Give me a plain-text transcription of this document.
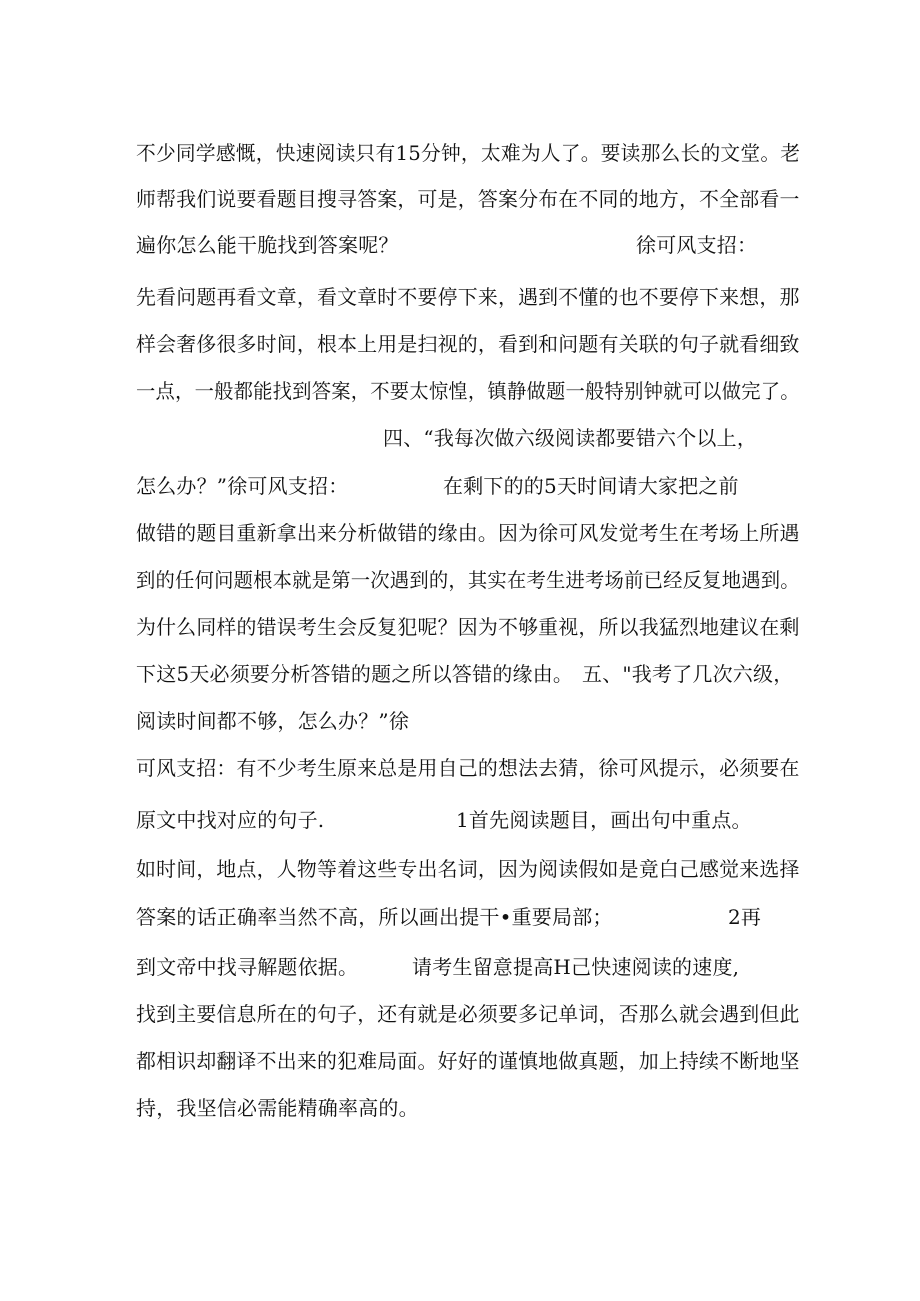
不少同学感慨，快速阅读只有15分钟，太难为人了。要读那么长的文堂。老
师帮我们说要看题目搜寻答案，可是，答案分布在不同的地方，不全部看一
遍你怎么能干脆找到答案呢？	徐可风支招：
先看问题再看文章，看文章时不要停下来，遇到不懂的也不要停下来想，那
样会奢侈很多时间，根本上用是扫视的，看到和问题有关联的句子就看细致
一点，一般都能找到答案，不要太惊惶，镇静做题一般特别钟就可以做完了。
四、“我每次做六级阅读都要错六个以上，
怎么办？”徐可风支招：	在剩下的的5天时间请大家把之前
做错的题目重新拿出来分析做错的缘由。因为徐可风发觉考生在考场上所遇
到的任何问题根本就是第一次遇到的，其实在考生进考场前已经反复地遇到。
为什么同样的错误考生会反复犯呢？因为不够重视，所以我猛烈地建议在剩
下这5天必须要分析答错的题之所以答错的缘由。 五、"我考了几次六级，
阅读时间都不够，怎么办？”徐
可风支招：有不少考生原来总是用自己的想法去猜，徐可风提示，必须要在
原文中找对应的句子.	1首先阅读题目，画出句中重点。
如时间，地点，人物等着这些专出名词，因为阅读假如是竟白己感觉来选择
答案的话正确率当然不高，所以画出提干•重要局部；	2再
到文帝中找寻解题依据。	请考生留意提高H己快速阅读的速度,
找到主要信息所在的句子，还有就是必须要多记单词，否那么就会遇到但此
都相识却翻译不出来的犯难局面。好好的谨慎地做真题，加上持续不断地坚
持，我坚信必需能精确率高的。
